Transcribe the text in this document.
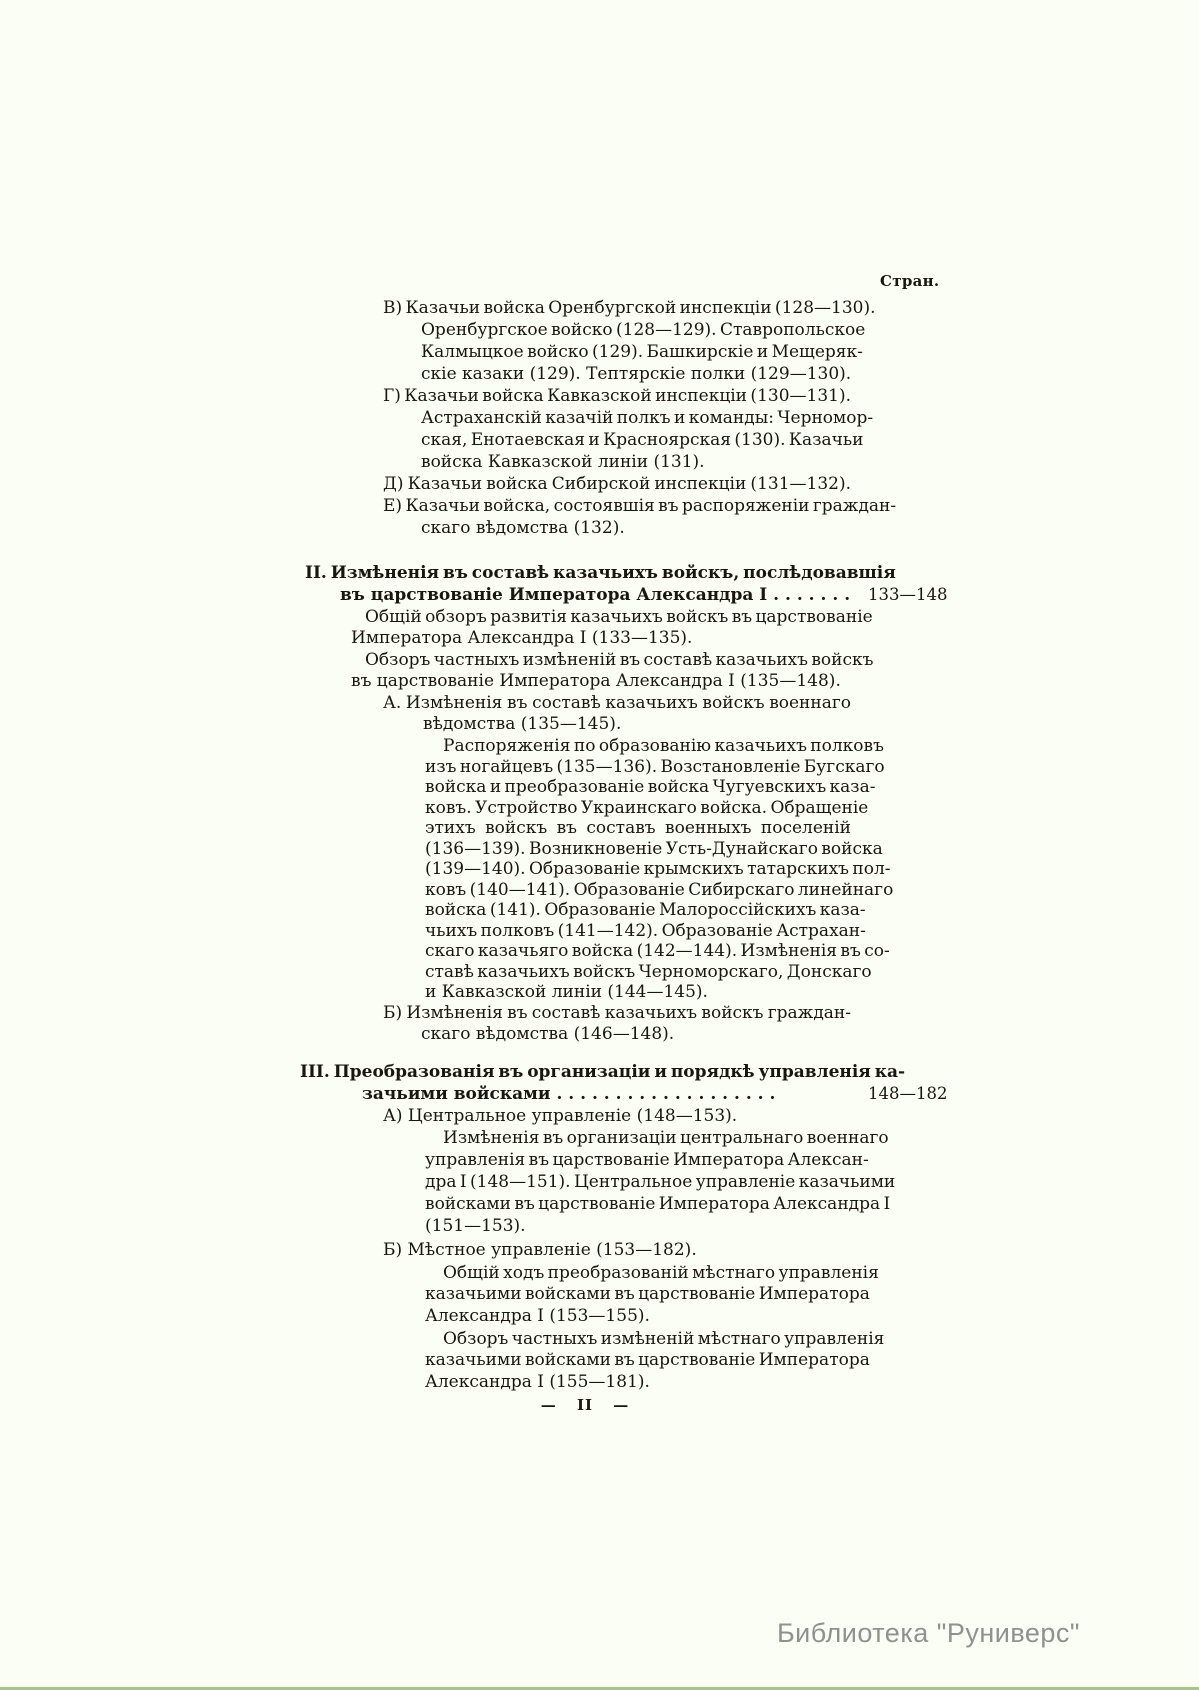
Стран.
В) Казачьи войска Оренбургской инспекціи (128—130).
Оренбургское войско (128—129). Ставропольское
Калмыцкое войско (129). Башкирскіе и Мещеряк-
скіе казаки (129). Тептярскіе полки (129—130).
Г) Казачьи войска Кавказской инспекціи (130—131).
Астраханскій казачій полкъ и команды: Черномор-
ская, Енотаевская и Красноярская (130). Казачьи
войска Кавказской линіи (131).
Д) Казачьи войска Сибирской инспекціи (131—132).
Е) Казачьи войска, состоявшія въ распоряженіи граждан-
скаго вѣдомства (132).
II. Измѣненія въ составѣ казачьихъ войскъ, послѣдовавшія
въ царствованіе Императора Александра I . . . . . . .
Общій обзоръ развитія казачьихъ войскъ въ царствованіе
Императора Александра I (133—135).
Обзоръ частныхъ измѣненій въ составѣ казачьихъ войскъ
въ царствованіе Императора Александра I (135—148).
А. Измѣненія въ составѣ казачьихъ войскъ военнаго
вѣдомства (135—145).
Распоряженія по образованію казачьихъ полковъ
изъ ногайцевъ (135—136). Возстановленіе Бугскаго
войска и преобразованіе войска Чугуевскихъ каза-
ковъ. Устройство Украинскаго войска. Обращеніе
этихъ войскъ въ составъ военныхъ поселеній
(136—139). Возникновеніе Усть-Дунайскаго войска
(139—140). Образованіе крымскихъ татарскихъ пол-
ковъ (140—141). Образованіе Сибирскаго линейнаго
войска (141). Образованіе Малороссійскихъ каза-
чьихъ полковъ (141—142). Образованіе Астрахан-
скаго казачьяго войска (142—144). Измѣненія въ со-
ставѣ казачьихъ войскъ Черноморскаго, Донскаго
и Кавказской линіи (144—145).
Б) Измѣненія въ составѣ казачьихъ войскъ граждан-
скаго вѣдомства (146—148).
III. Преобразованія въ организаціи и порядкѣ управленія ка-
зачьими войсками . . . . . . . . . . . . . . . . . . .
А) Центральное управленіе (148—153).
Измѣненія въ организаціи центральнаго военнаго
управленія въ царствованіе Императора Алексан-
дра I (148—151). Центральное управленіе казачьими
войсками въ царствованіе Императора Александра I
(151—153).
Б) Мѣстное управленіе (153—182).
Общій ходъ преобразованій мѣстнаго управленія
казачьими войсками въ царствованіе Императора
Александра I (153—155).
Обзоръ частныхъ измѣненій мѣстнаго управленія
казачьими войсками въ царствованіе Императора
Александра I (155—181).
133—148
148—182
— II —
Библиотека "Руниверс"
